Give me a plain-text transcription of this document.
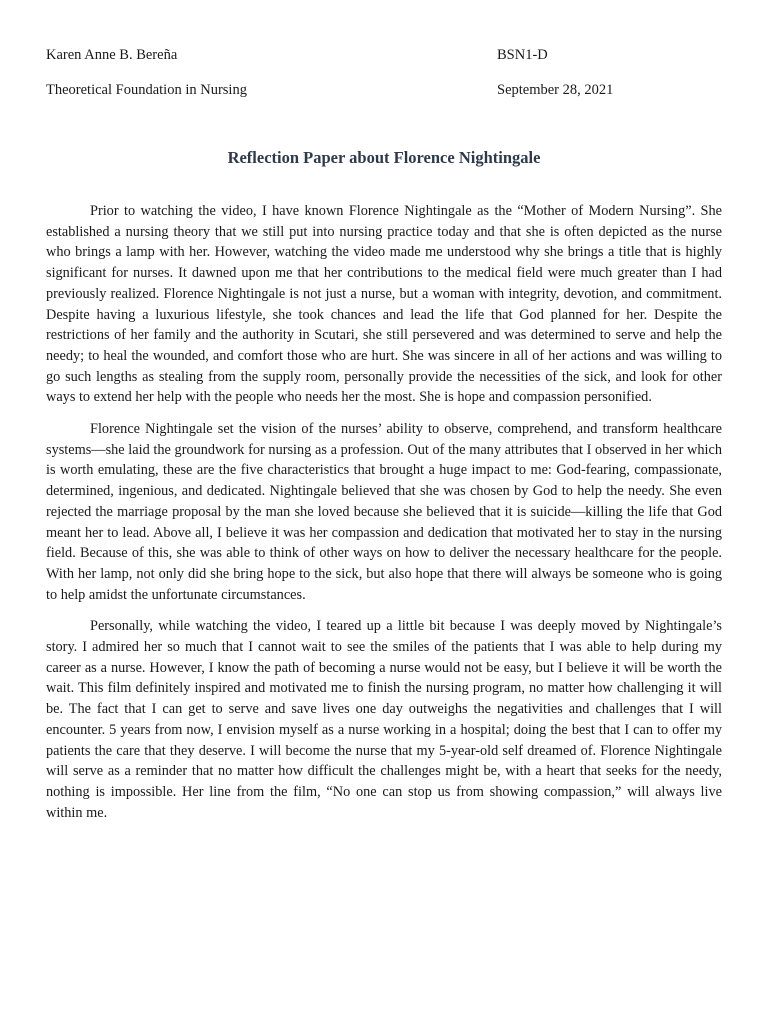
Karen Anne B. Bereña	BSN1-D
Theoretical Foundation in Nursing	September 28, 2021
Reflection Paper about Florence Nightingale

Prior to watching the video, I have known Florence Nightingale as the “Mother of Modern Nursing”. She established a nursing theory that we still put into nursing practice today and that she is often depicted as the nurse who brings a lamp with her. However, watching the video made me understood why she brings a title that is highly significant for nurses. It dawned upon me that her contributions to the medical field were much greater than I had previously realized. Florence Nightingale is not just a nurse, but a woman with integrity, devotion, and commitment. Despite having a luxurious lifestyle, she took chances and lead the life that God planned for her. Despite the restrictions of her family and the authority in Scutari, she still persevered and was determined to serve and help the needy; to heal the wounded, and comfort those who are hurt. She was sincere in all of her actions and was willing to go such lengths as stealing from the supply room, personally provide the necessities of the sick, and look for other ways to extend her help with the people who needs her the most. She is hope and compassion personified.

Florence Nightingale set the vision of the nurses’ ability to observe, comprehend, and transform healthcare systems—she laid the groundwork for nursing as a profession. Out of the many attributes that I observed in her which is worth emulating, these are the five characteristics that brought a huge impact to me: God-fearing, compassionate, determined, ingenious, and dedicated. Nightingale believed that she was chosen by God to help the needy. She even rejected the marriage proposal by the man she loved because she believed that it is suicide—killing the life that God meant her to lead. Above all, I believe it was her compassion and dedication that motivated her to stay in the nursing field. Because of this, she was able to think of other ways on how to deliver the necessary healthcare for the people. With her lamp, not only did she bring hope to the sick, but also hope that there will always be someone who is going to help amidst the unfortunate circumstances.

Personally, while watching the video, I teared up a little bit because I was deeply moved by Nightingale’s story. I admired her so much that I cannot wait to see the smiles of the patients that I was able to help during my career as a nurse. However, I know the path of becoming a nurse would not be easy, but I believe it will be worth the wait. This film definitely inspired and motivated me to finish the nursing program, no matter how challenging it will be. The fact that I can get to serve and save lives one day outweighs the negativities and challenges that I will encounter. 5 years from now, I envision myself as a nurse working in a hospital; doing the best that I can to offer my patients the care that they deserve. I will become the nurse that my 5-year-old self dreamed of. Florence Nightingale will serve as a reminder that no matter how difficult the challenges might be, with a heart that seeks for the needy, nothing is impossible. Her line from the film, “No one can stop us from showing compassion,” will always live within me.
